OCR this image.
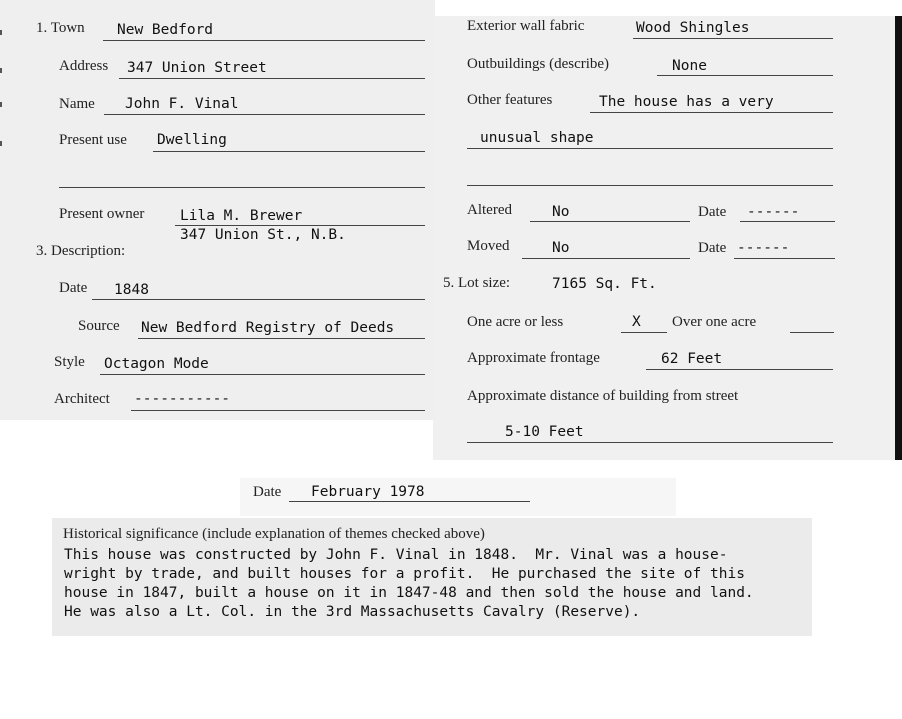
1. Town New Bedford
Address 347 Union Street
Name John F. Vinal
Present use Dwelling
Present owner Lila M. Brewer
347 Union St., N.B.
3. Description:
Date 1848
Source New Bedford Registry of Deeds
Style Octagon Mode
Architect -----------
Exterior wall fabric	Wood Shingles
Outbuildings (describe)	None
Other features	The house has a very
unusual shape
Altered	No	Date ------
Moved	No	Date ------
5. Lot size:	7165 Sq. Ft.
One acre or less	X Over one acre
Approximate frontage	62 Feet
Approximate distance of building from street
5-10 Feet
Date February 1978
Historical significance (include explanation of themes checked above)
This house was constructed by John F. Vinal in 1848.  Mr. Vinal was a house-
wright by trade, and built houses for a profit.  He purchased the site of this
house in 1847, built a house on it in 1847-48 and then sold the house and land.
He was also a Lt. Col. in the 3rd Massachusetts Cavalry (Reserve).
